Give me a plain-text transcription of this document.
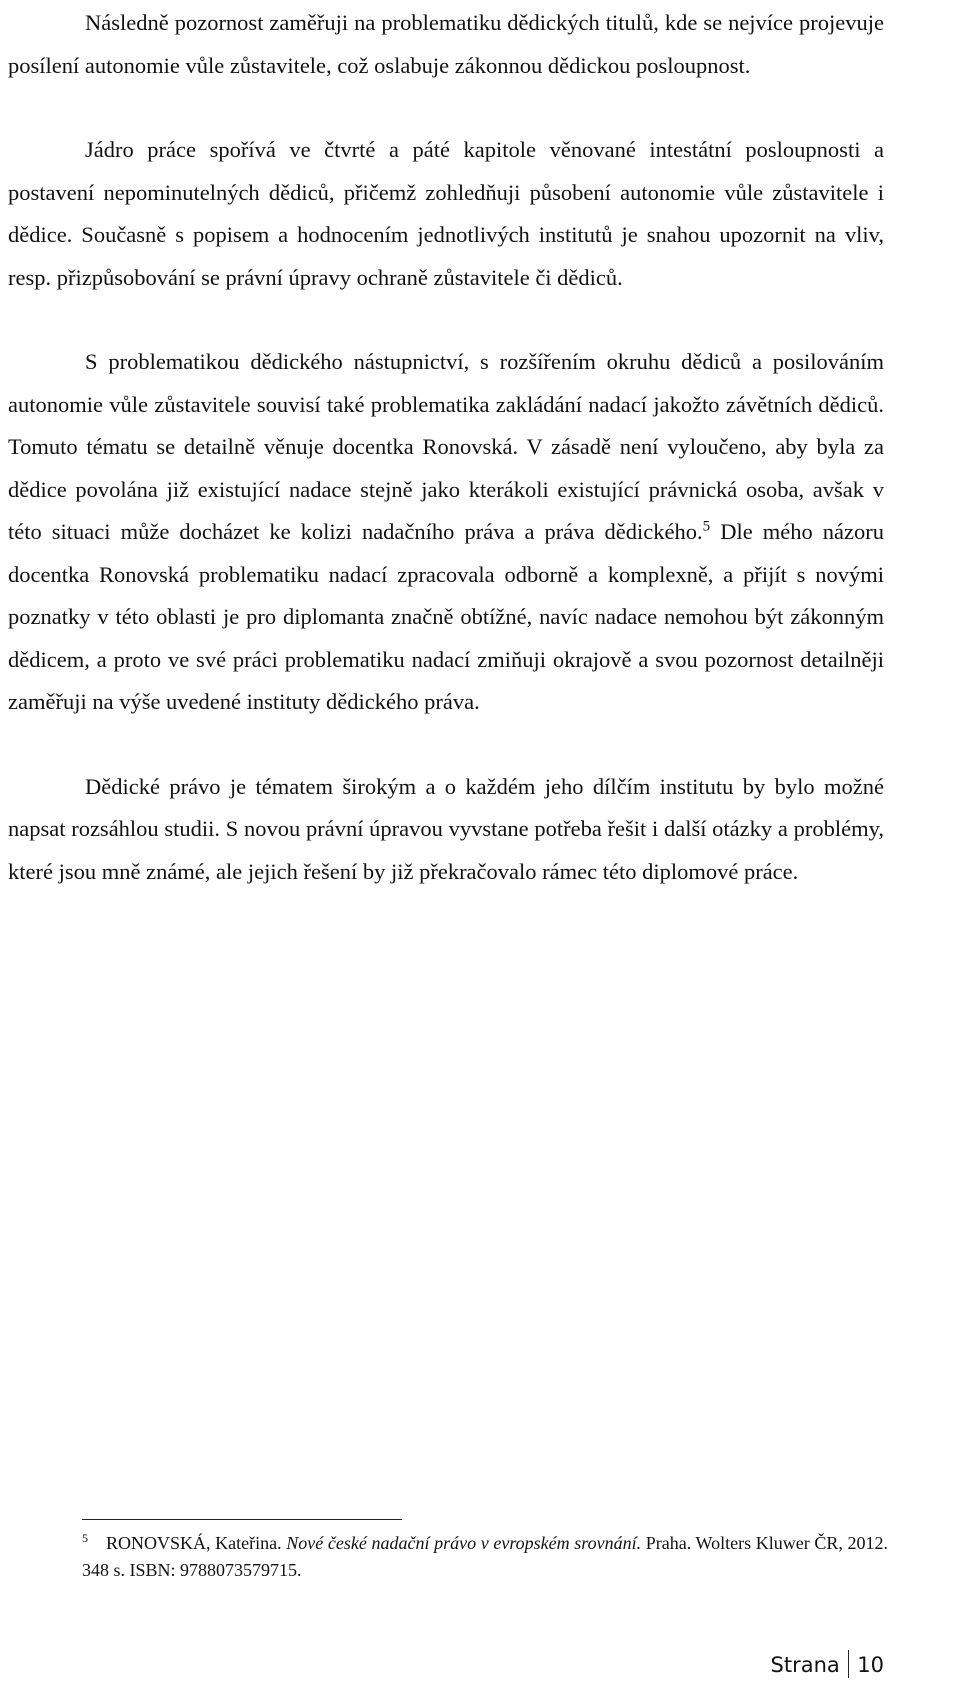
Následně pozornost zaměřuji na problematiku dědických titulů, kde se nejvíce projevuje posílení autonomie vůle zůstavitele, což oslabuje zákonnou dědickou posloupnost.

Jádro práce spořívá ve čtvrté a páté kapitole věnované intestátní posloupnosti a postavení nepominutelných dědiců, přičemž zohledňuji působení autonomie vůle zůstavitele i dědice. Současně s popisem a hodnocením jednotlivých institutů je snahou upozornit na vliv, resp. přizpůsobování se právní úpravy ochraně zůstavitele či dědiců.

S problematikou dědického nástupnictví, s rozšířením okruhu dědiců a posilováním autonomie vůle zůstavitele souvisí také problematika zakládání nadací jakožto závětních dědiců. Tomuto tématu se detailně věnuje docentka Ronovská. V zásadě není vyloučeno, aby byla za dědice povolána již existující nadace stejně jako kterákoli existující právnická osoba, avšak v této situaci může docházet ke kolizi nadačního práva a práva dědického.$^5$ Dle mého názoru docentka Ronovská problematiku nadací zpracovala odborně a komplexně, a přijít s novými poznatky v této oblasti je pro diplomanta značně obtížné, navíc nadace nemohou být zákonným dědicem, a proto ve své práci problematiku nadací zmiňuji okrajově a svou pozornost detailněji zaměřuji na výše uvedené instituty dědického práva.

Dědické právo je tématem širokým a o každém jeho dílčím institutu by bylo možné napsat rozsáhlou studii. S novou právní úpravou vyvstane potřeba řešit i další otázky a problémy, které jsou mně známé, ale jejich řešení by již překračovalo rámec této diplomové práce.

$^5$ RONOVSKÁ, Kateřina. Nové české nadační právo v evropském srovnání. Praha. Wolters Kluwer ČR, 2012. 348 s. ISBN: 9788073579715.
Strana 10
